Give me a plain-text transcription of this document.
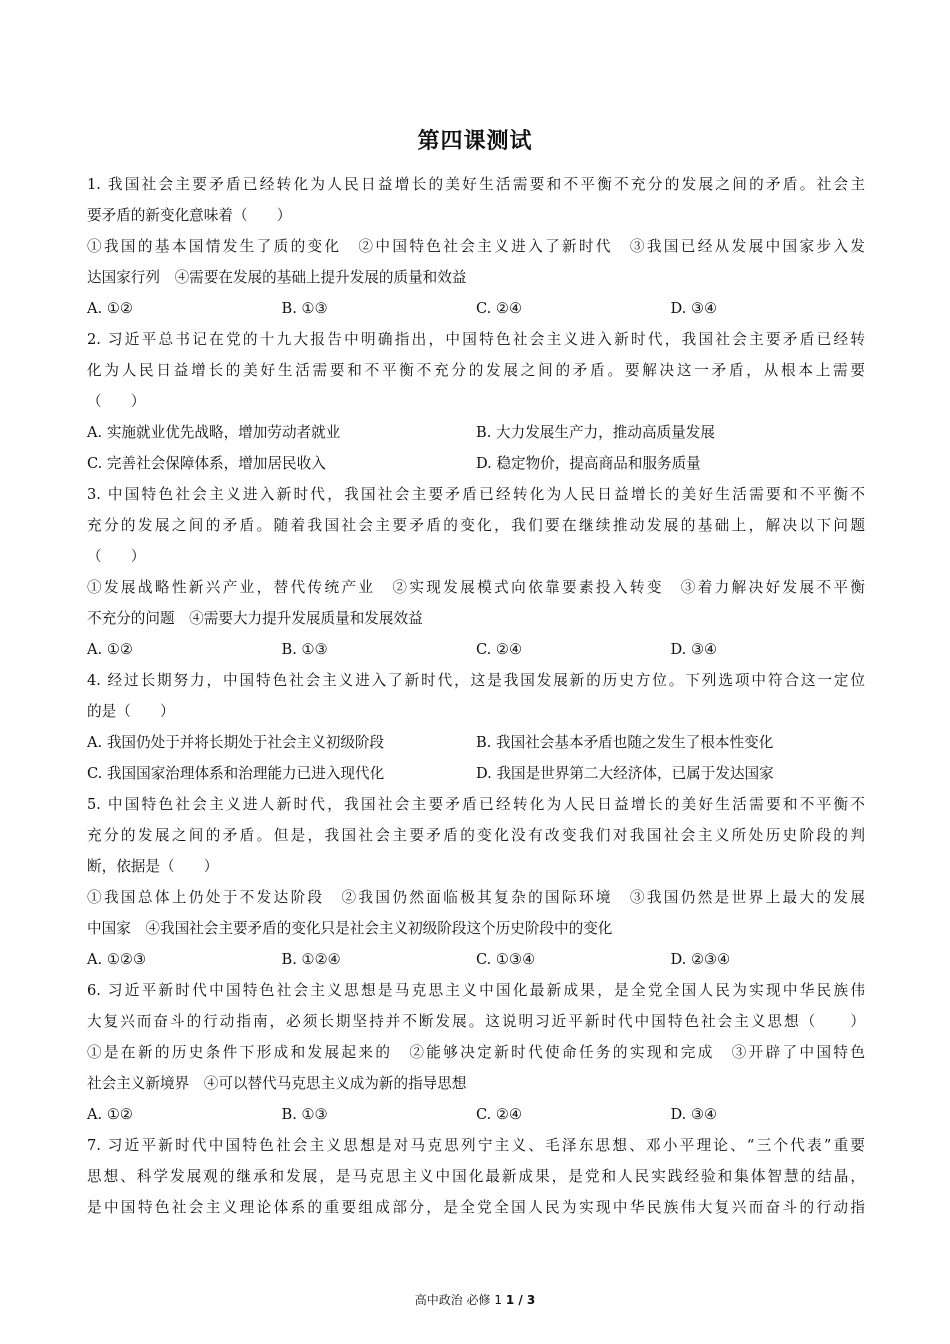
第四课测试
1. 我国社会主要矛盾已经转化为人民日益增长的美好生活需要和不平衡不充分的发展之间的矛盾。社会主
要矛盾的新变化意味着（　　）
①我国的基本国情发生了质的变化　②中国特色社会主义进入了新时代　③我国已经从发展中国家步入发
达国家行列　④需要在发展的基础上提升发展的质量和效益
A. ①②	B. ①③	C. ②④	D. ③④
2. 习近平总书记在党的十九大报告中明确指出，中国特色社会主义进入新时代，我国社会主要矛盾已经转
化为人民日益增长的美好生活需要和不平衡不充分的发展之间的矛盾。要解决这一矛盾，从根本上需要
（　　）
A. 实施就业优先战略，增加劳动者就业	B. 大力发展生产力，推动高质量发展
C. 完善社会保障体系，增加居民收入	D. 稳定物价，提高商品和服务质量
3. 中国特色社会主义进入新时代，我国社会主要矛盾已经转化为人民日益增长的美好生活需要和不平衡不
充分的发展之间的矛盾。随着我国社会主要矛盾的变化，我们要在继续推动发展的基础上，解决以下问题
（　　）
①发展战略性新兴产业，替代传统产业　②实现发展模式向依靠要素投入转变　③着力解决好发展不平衡
不充分的问题　④需要大力提升发展质量和发展效益
A. ①②	B. ①③	C. ②④	D. ③④
4. 经过长期努力，中国特色社会主义进入了新时代，这是我国发展新的历史方位。下列选项中符合这一定位
的是（　　）
A. 我国仍处于并将长期处于社会主义初级阶段	B. 我国社会基本矛盾也随之发生了根本性变化
C. 我国国家治理体系和治理能力已进入现代化	D. 我国是世界第二大经济体，已属于发达国家
5. 中国特色社会主义进人新时代，我国社会主要矛盾已经转化为人民日益增长的美好生活需要和不平衡不
充分的发展之间的矛盾。但是，我国社会主要矛盾的变化没有改变我们对我国社会主义所处历史阶段的判
断，依据是（　　）
①我国总体上仍处于不发达阶段　②我国仍然面临极其复杂的国际环境　③我国仍然是世界上最大的发展
中国家　④我国社会主要矛盾的变化只是社会主义初级阶段这个历史阶段中的变化
A. ①②③	B. ①②④	C. ①③④	D. ②③④
6. 习近平新时代中国特色社会主义思想是马克思主义中国化最新成果，是全党全国人民为实现中华民族伟
大复兴而奋斗的行动指南，必须长期坚持并不断发展。这说明习近平新时代中国特色社会主义思想（　　）
①是在新的历史条件下形成和发展起来的　②能够决定新时代使命任务的实现和完成　③开辟了中国特色
社会主义新境界　④可以替代马克思主义成为新的指导思想
A. ①②	B. ①③	C. ②④	D. ③④
7. 习近平新时代中国特色社会主义思想是对马克思列宁主义、毛泽东思想、邓小平理论、“三个代表”重要
思想、科学发展观的继承和发展，是马克思主义中国化最新成果，是党和人民实践经验和集体智慧的结晶，
是中国特色社会主义理论体系的重要组成部分，是全党全国人民为实现中华民族伟大复兴而奋斗的行动指
高中政治 必修 1 1 / 3
